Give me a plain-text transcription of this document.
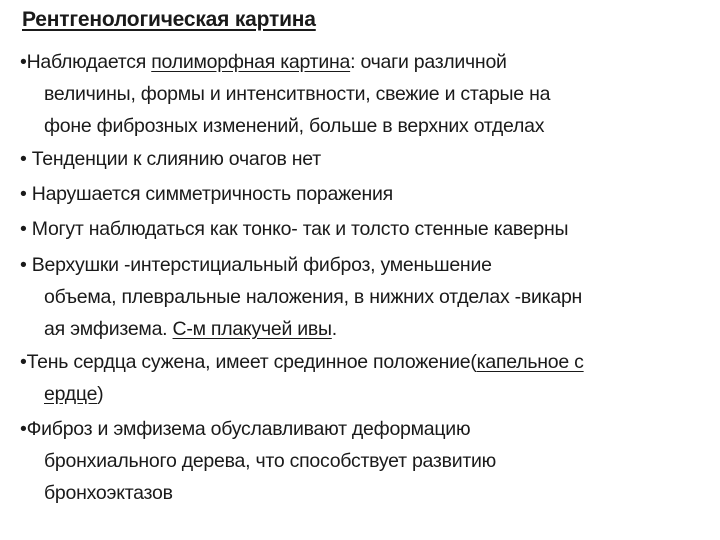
Рентгенологическая картина
•Наблюдается полиморфная картина: очаги различной
величины, формы и интенситвности, свежие и старые на
фоне фиброзных изменений, больше в верхних отделах
• Тенденции к слиянию очагов нет
• Нарушается симметричность поражения
• Могут наблюдаться как тонко- так и толсто стенные каверны
• Верхушки -интерстициальный фиброз, уменьшение
объема, плевральные наложения, в нижних отделах -викарн
ая эмфизема. С-м плакучей ивы.
•Тень сердца сужена, имеет срединное положение(капельное с
ердце)
•Фиброз и эмфизема обуславливают деформацию
бронхиального дерева, что способствует развитию
бронхоэктазов
